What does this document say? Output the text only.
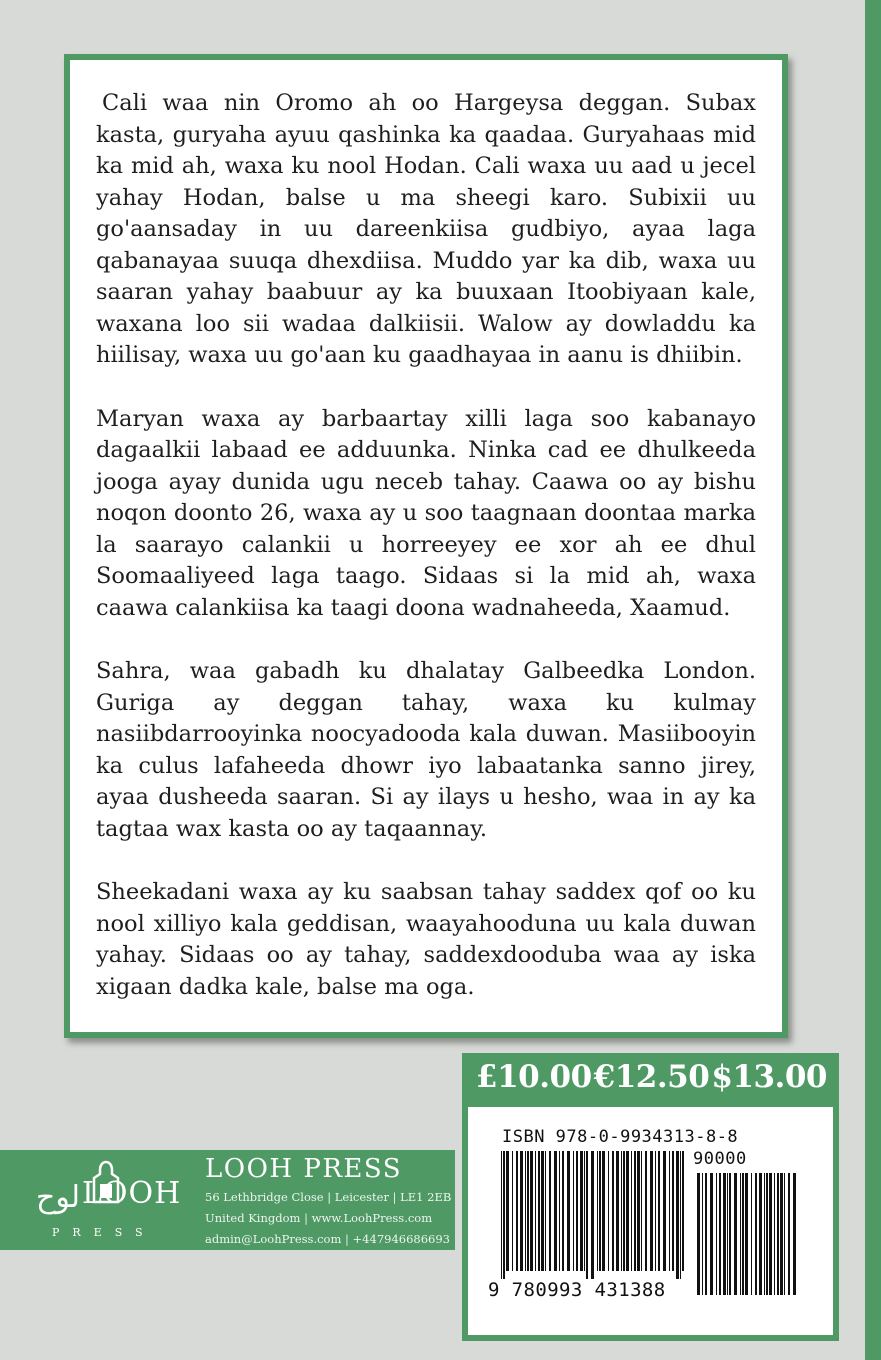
Cali waa nin Oromo ah oo Hargeysa deggan. Subax kasta, guryaha ayuu qashinka ka qaadaa. Guryahaas mid ka mid ah, waxa ku nool Hodan. Cali waxa uu aad u jecel yahay Hodan, balse u ma sheegi karo. Subixii uu go'aansaday in uu dareenkiisa gudbiyo, ayaa laga qabanayaa suuqa dhexdiisa. Muddo yar ka dib, waxa uu saaran yahay baabuur ay ka buuxaan Itoobiyaan kale, waxana loo sii wadaa dalkiisii. Walow ay dowladdu ka hiilisay, waxa uu go'aan ku gaadhayaa in aanu is dhiibin.

Maryan waxa ay barbaartay xilli laga soo kabanayo dagaalkii labaad ee adduunka. Ninka cad ee dhulkeeda jooga ayay dunida ugu neceb tahay. Caawa oo ay bishu noqon doonto 26, waxa ay u soo taagnaan doontaa marka la saarayo calankii u horreeyey ee xor ah ee dhul Soomaaliyeed laga taago. Sidaas si la mid ah, waxa caawa calankiisa ka taagi doona wadnaheeda, Xaamud.

Sahra, waa gabadh ku dhalatay Galbeedka London. Guriga ay deggan tahay, waxa ku kulmay nasiibdarrooyinka noocyadooda kala duwan. Masiibooyin ka culus lafaheeda dhowr iyo labaatanka sanno jirey, ayaa dusheeda saaran. Si ay ilays u hesho, waa in ay ka tagtaa wax kasta oo ay taqaannay.

Sheekadani waxa ay ku saabsan tahay saddex qof oo ku nool xilliyo kala geddisan, waayahooduna uu kala duwan yahay. Sidaas oo ay tahay, saddexdooduba waa ay iska xigaan dadka kale, balse ma oga.

£10.00 €12.50 $13.00
ISBN 978-0-9934313-8-8
90000
9 780993 431388
لوح LOOH
PRESS
LOOH PRESS
56 Lethbridge Close | Leicester | LE1 2EB
United Kingdom | www.LoohPress.com
admin@LoohPress.com | +447946686693
